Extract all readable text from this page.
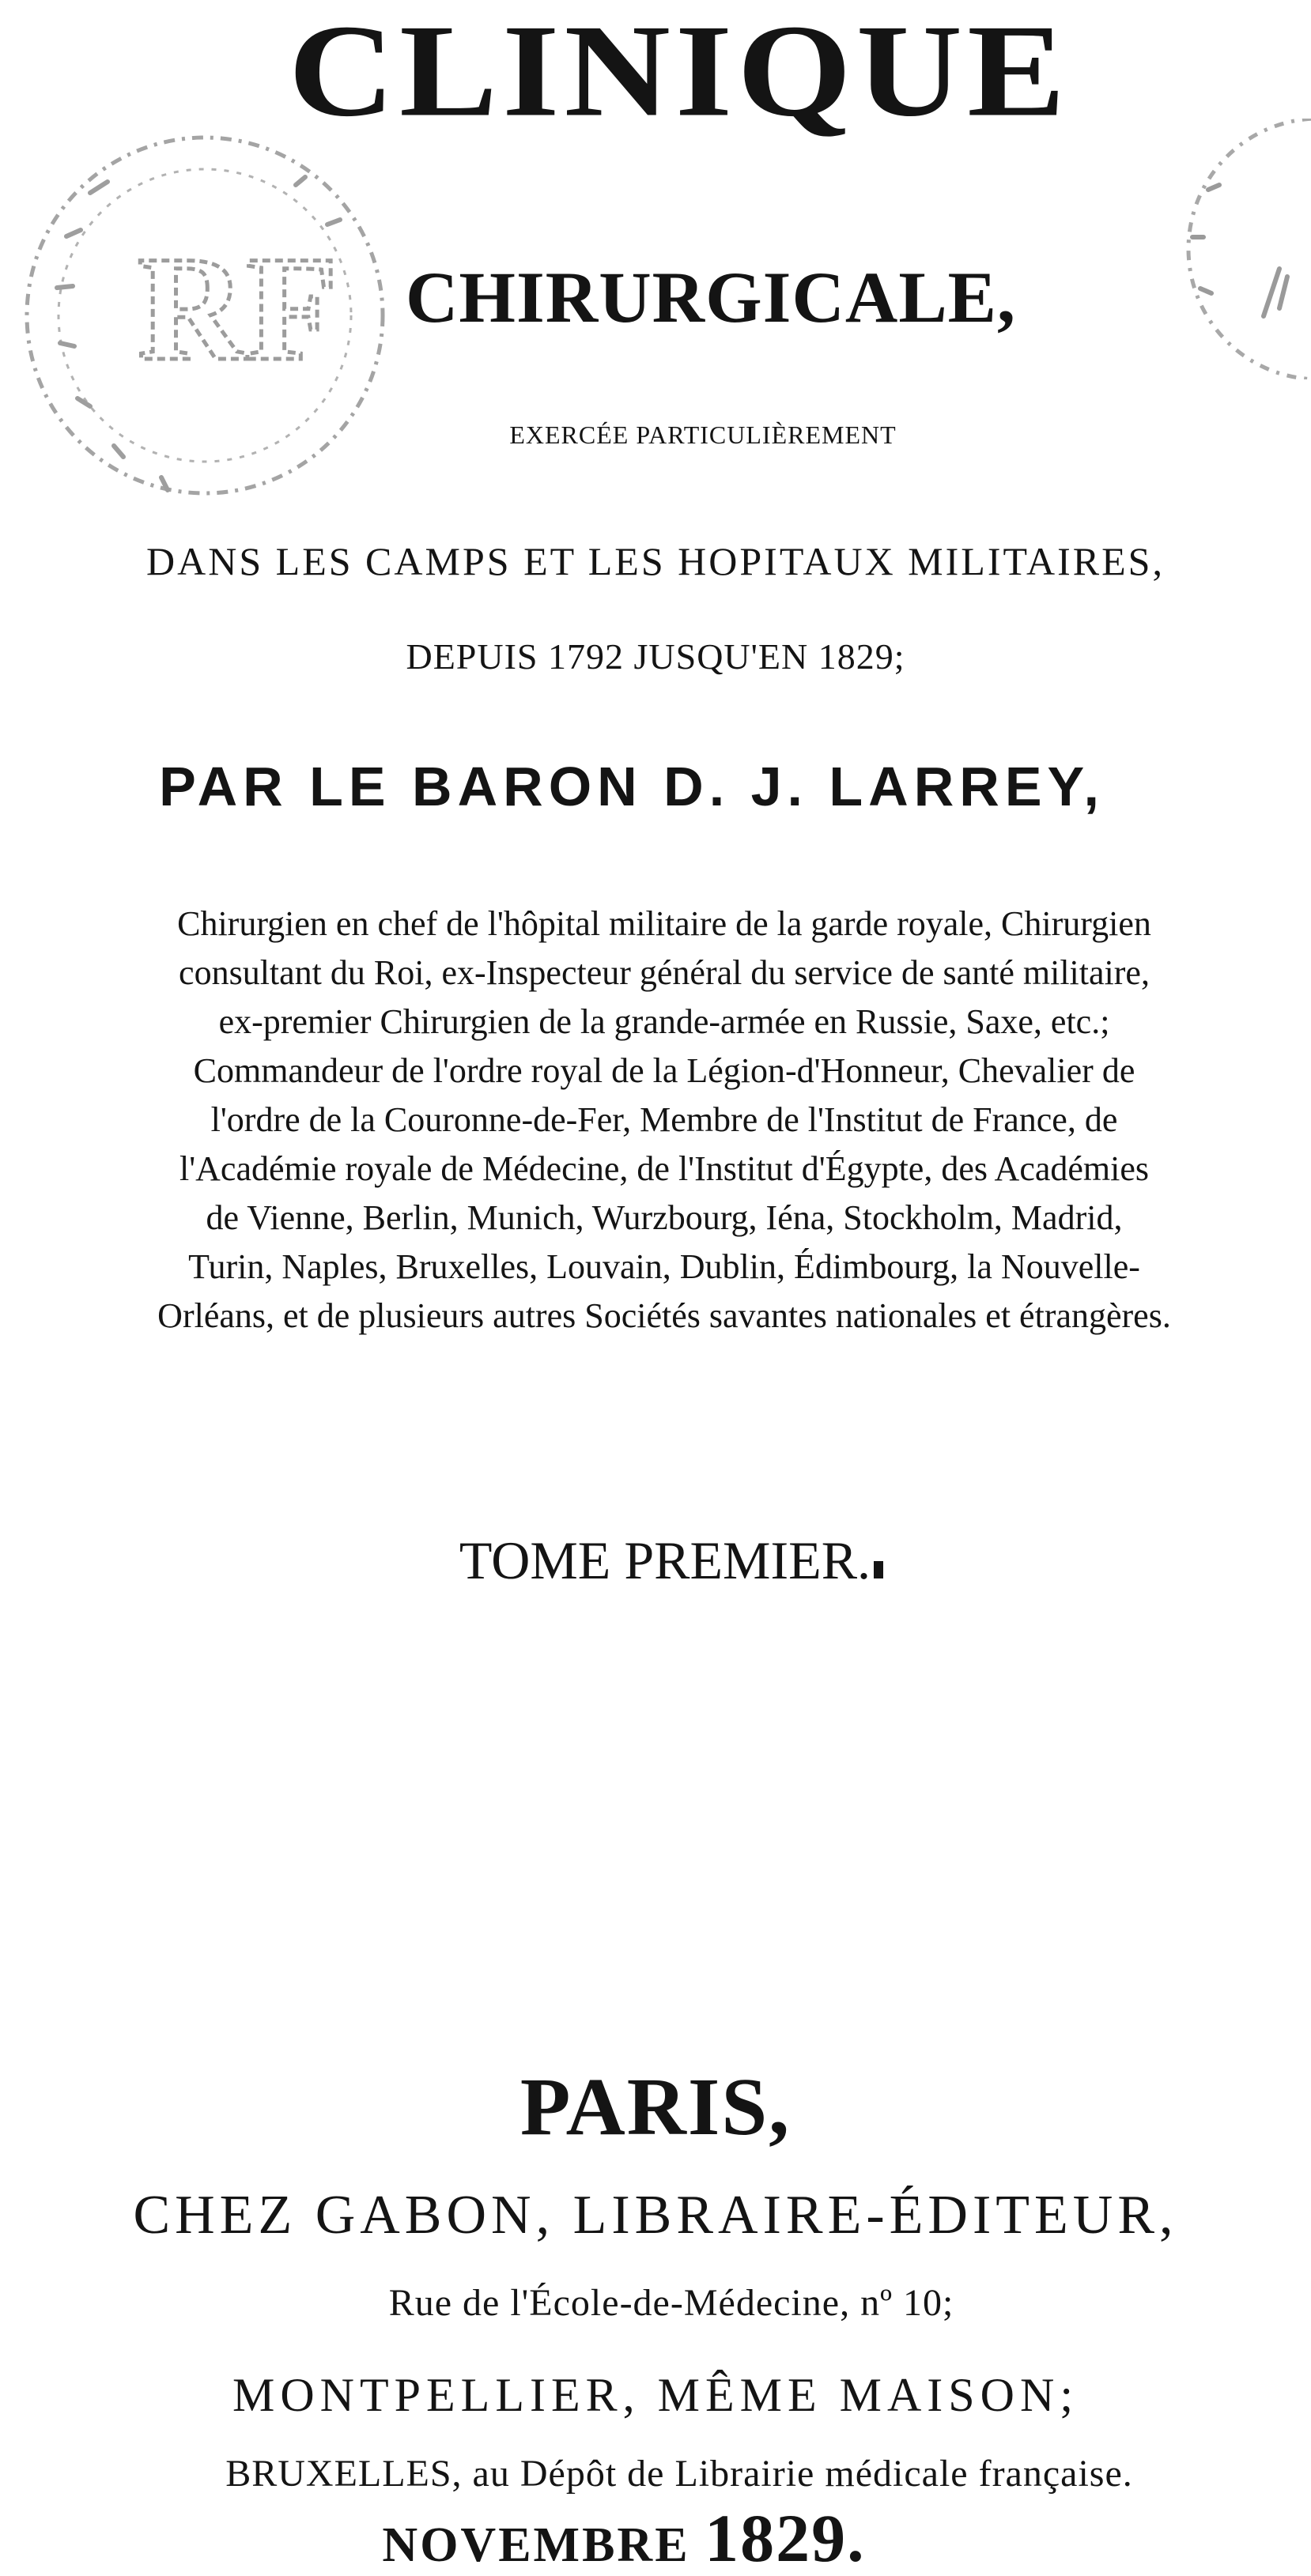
RF
CLINIQUE
CHIRURGICALE,
EXERCÉE PARTICULIÈREMENT
DANS LES CAMPS ET LES HOPITAUX MILITAIRES,
DEPUIS 1792 JUSQU'EN 1829;
PAR LE BARON D. J. LARREY,
Chirurgien en chef de l'hôpital militaire de la garde royale, Chirurgien
consultant du Roi, ex-Inspecteur général du service de santé militaire,
ex-premier Chirurgien de la grande-armée en Russie, Saxe, etc.;
Commandeur de l'ordre royal de la Légion-d'Honneur, Chevalier de
l'ordre de la Couronne-de-Fer, Membre de l'Institut de France, de
l'Académie royale de Médecine, de l'Institut d'Égypte, des Académies
de Vienne, Berlin, Munich, Wurzbourg, Iéna, Stockholm, Madrid,
Turin, Naples, Bruxelles, Louvain, Dublin, Édimbourg, la Nouvelle-
Orléans, et de plusieurs autres Sociétés savantes nationales et étrangères.
TOME PREMIER.
PARIS,
CHEZ GABON, LIBRAIRE-ÉDITEUR,
Rue de l'École-de-Médecine, nº 10;
MONTPELLIER, MÊME MAISON;
BRUXELLES, au Dépôt de Librairie médicale française.
NOVEMBRE 1829.
